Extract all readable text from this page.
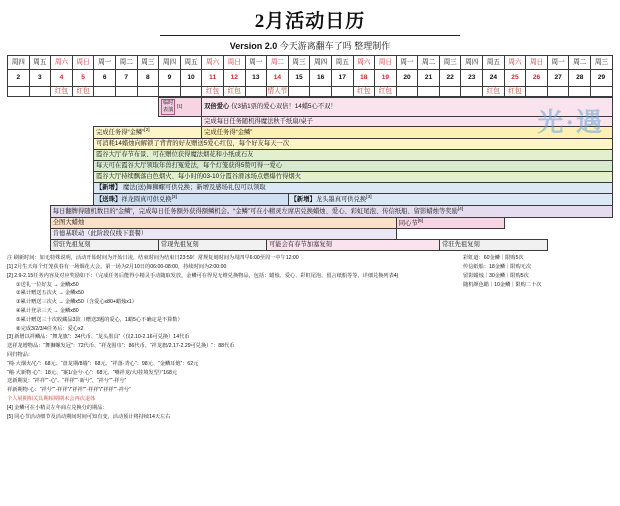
2月活动日历
Version 2.0 今天游离翻车了吗 整理制作
光·遇
周四	周五	周六	周日	周一	周二	周三	周四	周五	周六	周日	周一	周二	周三	周四	周五	周六	周日	周一	周二	周三	周四	周五	周六	周日	周一	周二	周三
2	3	4	5	6	7	8	9	10	11	12	13	14	15	16	17	18	19	20	21	22	23	24	25	26	27	28	29
		红包	红包						红包	红包		情人节				红包	红包					红包	红包				
			临时
表演 [1]	双倍爱心 仅3猫1票的爱心双倍！14蜡5心不双！						
				完成每日任务随机得魔法秋千纸扇/桌子						
		完成任务得“金鳞”[2]		完成任务得“金鳞”						
		可消耗14蜡烛向解锁了背背的好友赠送5爱心红包，每个好友每天一次								
		霞谷大厅春节布景、可在赠位获得魔法烟花和小纸或石友								
		每天可在霞谷大厅领取年兽打冤爱法，每个灯笼获得5赞可得一爱心								
		霞谷大厅持续飘落白色烟火、每小时的03-10分霞谷滑冰场点燃爆竹得烟火								
		【新增】 魔法(送)舞狮螺可供兑换；新增及感场礼包可以领取								
		【送珠】祥龙圆真可供兑换[3]				【新增】龙头墨真可供兑换[3]
	每日翻牌得随机数目的“金鳞”，完成每日任务额外获得额鳞机会。“金鳞”可在小精灵左席店兑换蜡烛、爱心、彩虹尾泡、传信纸船、留影蜡烛等奖励[4]
	全图大蜡烛						同心节[5]	
	肯德基联动（此阶段仅线下套餐）									
	常驻先祖复刻		常现先祖复刻		可能会有春节加塞复刻			常驻先祖复刻		

注 刷新时间：如无特殊说明，活动开始时间为开始日凌，结束时间为结束日23:59！常规复刻时间为周四早6:00至周一中午12:00

[1] 2月生天每个灯笼获春有一场烟花大会，第一场为2月10日的06:00-08:00，持续时间为2:00:00

[2] 2.9-2.15任务内容及对应奖励如下：（完成任务后能得小精灵手动随取发放，金鳞可在得见无维兑换物品，包括：蜡烛、爱心、彩虹尾泡、留言纸船等等，详细兑换列表4)

①送礼一位好友 → 金鳞x50

②累计赠送五次火 → 金鳞x50

③累计赠送三次火 → 金鳞x50（含爱心x80+蜡烛x1）

④累计登录三天 → 金鳞x80

⑤累计赠送三十次收藏品3款（赠送3题的爱心，1蜡5心不确定是不算数）

⑥完成3/2/3/4任务后：爱心x2

[3] 新增以祥鳞品：“舞龙旗”：34代币、“龙头墨具”（仅2.10-2.16可兑换）14代币

送祥龙增物品：“舞狮螺发冠”：72代币、“祥龙围巾”：86代币、“祥龙旗/2.17-2.29可兑换）“：88代币

回归物品：

“椅·大烟火/心”：68元、“盘龙期/8墙”：68元、“祥落·青心”：98元、“金鳞耳炮”：62元

“稽·大新物·心”：18元、“案1/金兮·心”：68元、“嘴祥龙/大/挂境发型）”168元

送新期复：“祥祥”“·心”、“祥祥”“·新兮”、“祥兮”“·祥兮”

祥新期物·心：“祥兮”“·祥祥”/“祥祥”“·祥祥”/“祥祥”“·祥兮”

个人展期相关具期相期期末会再次退体

[4] 金鳞可在小精灵左年商左兑换分的期品：

[5] 同心节活动细节及活动期间时间可知有变，活动预计将持续14天左右

彩虹道：60金鳞｜限购5次

传信纸船：18金鳞｜限购无次

留影蜡烛｜30金鳞｜限购5次

随机颜色蜡｜10金鳞｜限购二十次
